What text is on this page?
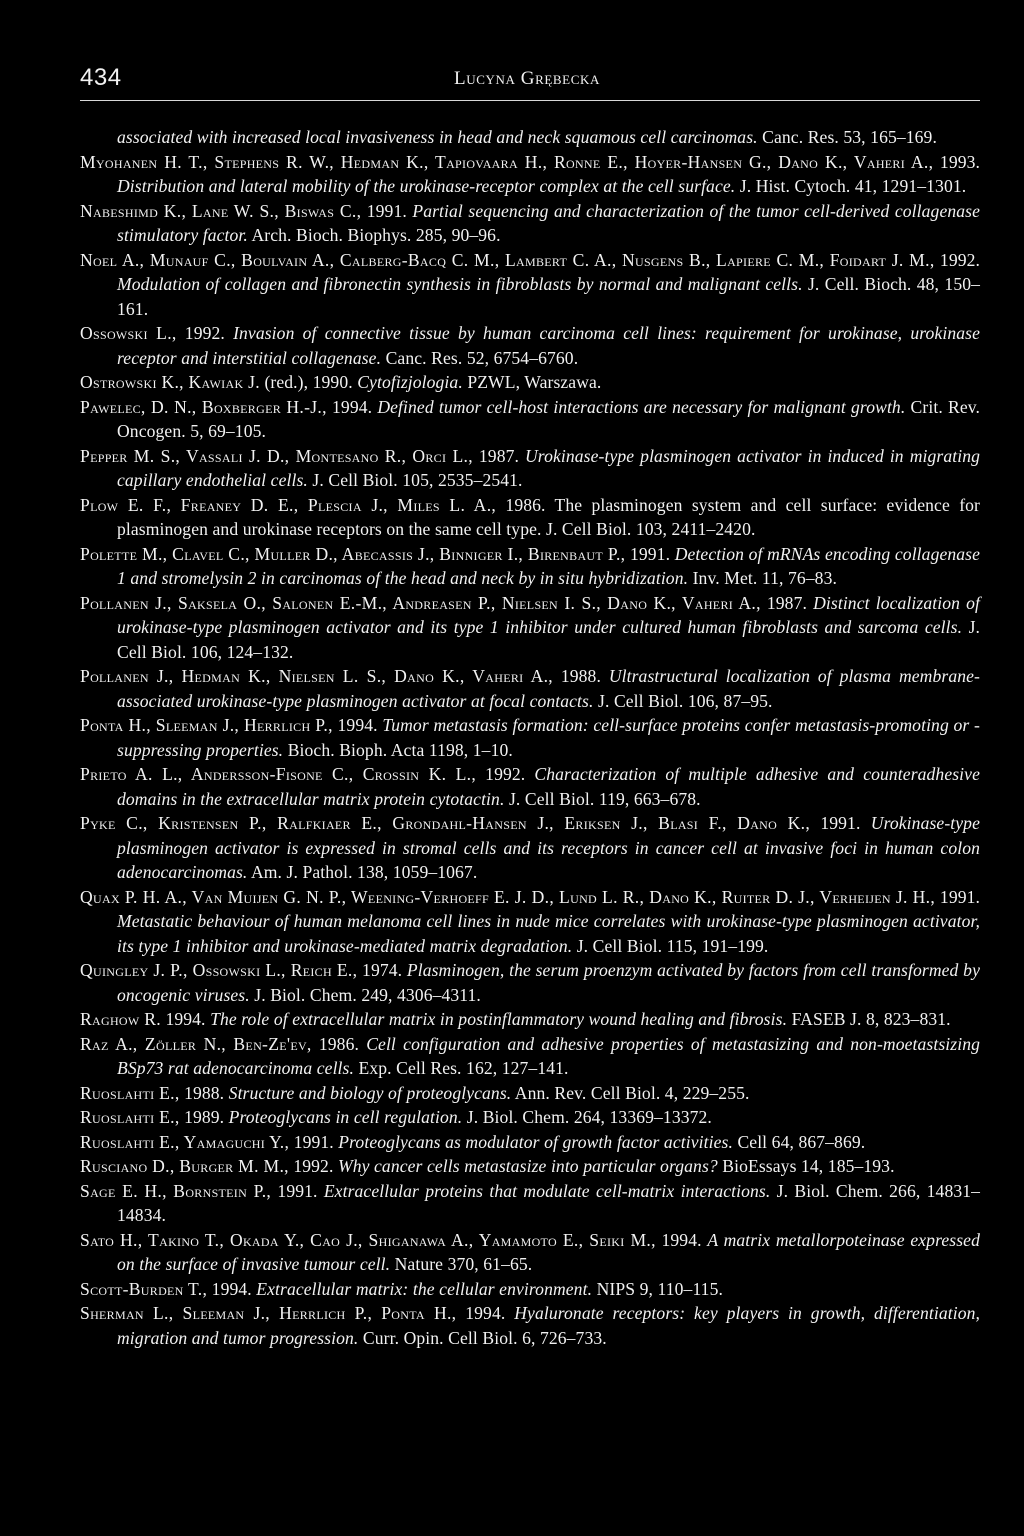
434	Lucyna Grębecka
associated with increased local invasiveness in head and neck squamous cell carcinomas. Canc. Res. 53, 165–169.
Myohanen H. T., Stephens R. W., Hedman K., Tapiovaara H., Ronne E., Hoyer-Hansen G., Dano K., Vaheri A., 1993. Distribution and lateral mobility of the urokinase-receptor complex at the cell surface. J. Hist. Cytoch. 41, 1291–1301.
Nabeshimd K., Lane W. S., Biswas C., 1991. Partial sequencing and characterization of the tumor cell-derived collagenase stimulatory factor. Arch. Bioch. Biophys. 285, 90–96.
Noel A., Munauf C., Boulvain A., Calberg-Bacq C. M., Lambert C. A., Nusgens B., Lapiere C. M., Foidart J. M., 1992. Modulation of collagen and fibronectin synthesis in fibroblasts by normal and malignant cells. J. Cell. Bioch. 48, 150–161.
Ossowski L., 1992. Invasion of connective tissue by human carcinoma cell lines: requirement for urokinase, urokinase receptor and interstitial collagenase. Canc. Res. 52, 6754–6760.
Ostrowski K., Kawiak J. (red.), 1990. Cytofizjologia. PZWL, Warszawa.
Pawelec, D. N., Boxberger H.-J., 1994. Defined tumor cell-host interactions are necessary for malignant growth. Crit. Rev. Oncogen. 5, 69–105.
Pepper M. S., Vassali J. D., Montesano R., Orci L., 1987. Urokinase-type plasminogen activator in induced in migrating capillary endothelial cells. J. Cell Biol. 105, 2535–2541.
Plow E. F., Freaney D. E., Plescia J., Miles L. A., 1986. The plasminogen system and cell surface: evidence for plasminogen and urokinase receptors on the same cell type. J. Cell Biol. 103, 2411–2420.
Polette M., Clavel C., Muller D., Abecassis J., Binniger I., Birenbaut P., 1991. Detection of mRNAs encoding collagenase 1 and stromelysin 2 in carcinomas of the head and neck by in situ hybridization. Inv. Met. 11, 76–83.
Pollanen J., Saksela O., Salonen E.-M., Andreasen P., Nielsen I. S., Dano K., Vaheri A., 1987. Distinct localization of urokinase-type plasminogen activator and its type 1 inhibitor under cultured human fibroblasts and sarcoma cells. J. Cell Biol. 106, 124–132.
Pollanen J., Hedman K., Nielsen L. S., Dano K., Vaheri A., 1988. Ultrastructural localization of plasma membrane-associated urokinase-type plasminogen activator at focal contacts. J. Cell Biol. 106, 87–95.
Ponta H., Sleeman J., Herrlich P., 1994. Tumor metastasis formation: cell-surface proteins confer metastasis-promoting or -suppressing properties. Bioch. Bioph. Acta 1198, 1–10.
Prieto A. L., Andersson-Fisone C., Crossin K. L., 1992. Characterization of multiple adhesive and counteradhesive domains in the extracellular matrix protein cytotactin. J. Cell Biol. 119, 663–678.
Pyke C., Kristensen P., Ralfkiaer E., Grondahl-Hansen J., Eriksen J., Blasi F., Dano K., 1991. Urokinase-type plasminogen activator is expressed in stromal cells and its receptors in cancer cell at invasive foci in human colon adenocarcinomas. Am. J. Pathol. 138, 1059–1067.
Quax P. H. A., Van Muijen G. N. P., Weening-Verhoeff E. J. D., Lund L. R., Dano K., Ruiter D. J., Verheijen J. H., 1991. Metastatic behaviour of human melanoma cell lines in nude mice correlates with urokinase-type plasminogen activator, its type 1 inhibitor and urokinase-mediated matrix degradation. J. Cell Biol. 115, 191–199.
Quingley J. P., Ossowski L., Reich E., 1974. Plasminogen, the serum proenzym activated by factors from cell transformed by oncogenic viruses. J. Biol. Chem. 249, 4306–4311.
Raghow R. 1994. The role of extracellular matrix in postinflammatory wound healing and fibrosis. FASEB J. 8, 823–831.
Raz A., Zöller N., Ben-Ze'ev, 1986. Cell configuration and adhesive properties of metastasizing and non-moetastsizing BSp73 rat adenocarcinoma cells. Exp. Cell Res. 162, 127–141.
Ruoslahti E., 1988. Structure and biology of proteoglycans. Ann. Rev. Cell Biol. 4, 229–255.
Ruoslahti E., 1989. Proteoglycans in cell regulation. J. Biol. Chem. 264, 13369–13372.
Ruoslahti E., Yamaguchi Y., 1991. Proteoglycans as modulator of growth factor activities. Cell 64, 867–869.
Rusciano D., Burger M. M., 1992. Why cancer cells metastasize into particular organs? BioEssays 14, 185–193.
Sage E. H., Bornstein P., 1991. Extracellular proteins that modulate cell-matrix interactions. J. Biol. Chem. 266, 14831–14834.
Sato H., Takino T., Okada Y., Cao J., Shiganawa A., Yamamoto E., Seiki M., 1994. A matrix metallorpoteinase expressed on the surface of invasive tumour cell. Nature 370, 61–65.
Scott-Burden T., 1994. Extracellular matrix: the cellular environment. NIPS 9, 110–115.
Sherman L., Sleeman J., Herrlich P., Ponta H., 1994. Hyaluronate receptors: key players in growth, differentiation, migration and tumor progression. Curr. Opin. Cell Biol. 6, 726–733.
